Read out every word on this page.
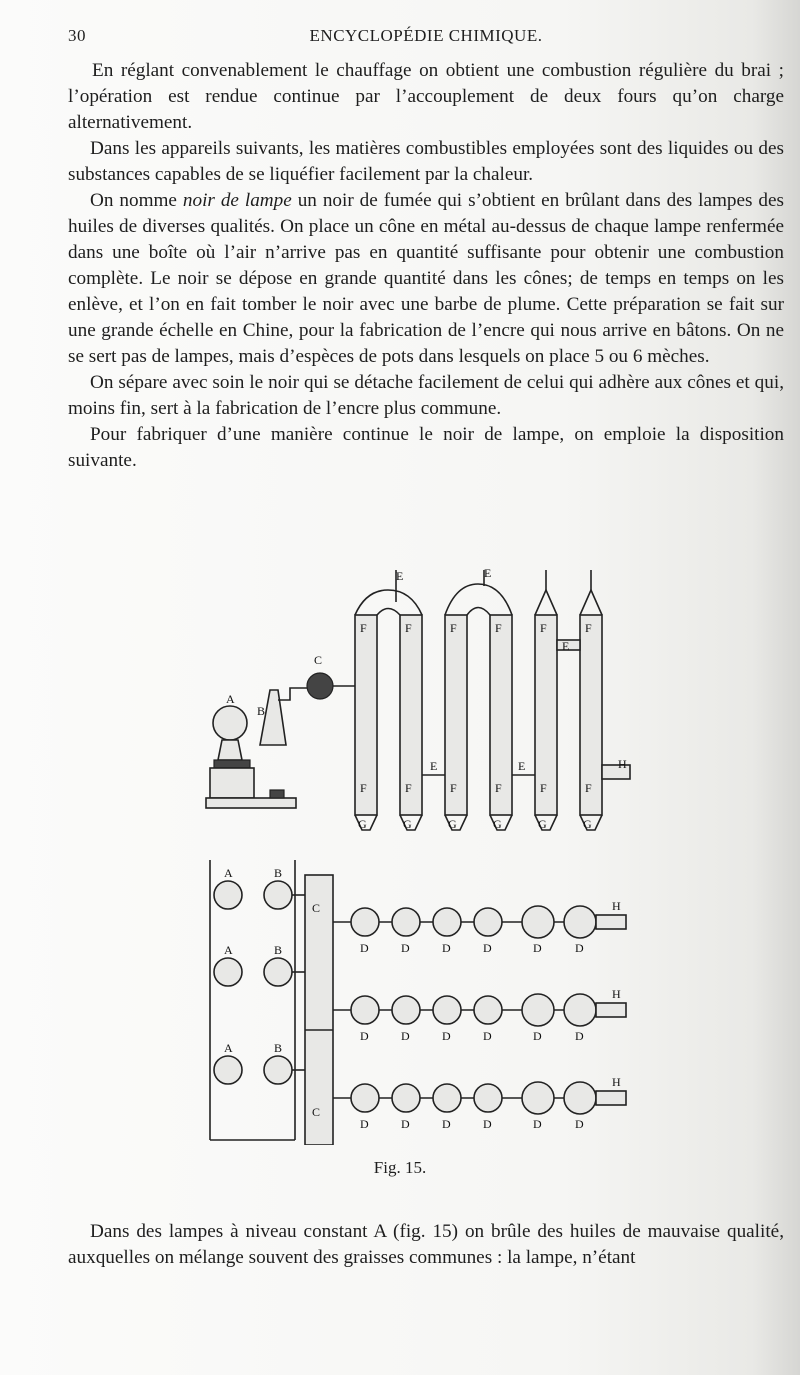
30	ENCYCLOPÉDIE CHIMIQUE.

En réglant convenablement le chauffage on obtient une combustion régulière du brai ; l’opération est rendue continue par l’accouplement de deux fours qu’on charge alternativement.

Dans les appareils suivants, les matières combustibles employées sont des liquides ou des substances capables de se liquéfier facilement par la chaleur.

On nomme noir de lampe un noir de fumée qui s’obtient en brûlant dans des lampes des huiles de diverses qualités. On place un cône en métal au-dessus de chaque lampe renfermée dans une boîte où l’air n’arrive pas en quantité suffisante pour obtenir une combustion complète. Le noir se dépose en grande quantité dans les cônes; de temps en temps on les enlève, et l’on en fait tomber le noir avec une barbe de plume. Cette préparation se fait sur une grande échelle en Chine, pour la fabrication de l’encre qui nous arrive en bâtons. On ne se sert pas de lampes, mais d’espèces de pots dans lesquels on place 5 ou 6 mèches.

On sépare avec soin le noir qui se détache facilement de celui qui adhère aux cônes et qui, moins fin, sert à la fabrication de l’encre plus commune.

Pour fabriquer d’une manière continue le noir de lampe, on emploie la disposition suivante.

A
B
C
E	E
E
E	E
F	F	F	F	F	F
F	F	F	F	F	F
G	G	G	G	G	G
H
A	B
C
A	B
A	B
C
H
H
H
D	D	D	D	D	D
D	D	D	D	D	D
D	D	D	D	D	D
Fig. 15.

Dans des lampes à niveau constant A (fig. 15) on brûle des huiles de mauvaise qualité, auxquelles on mélange souvent des graisses communes : la lampe, n’étant
